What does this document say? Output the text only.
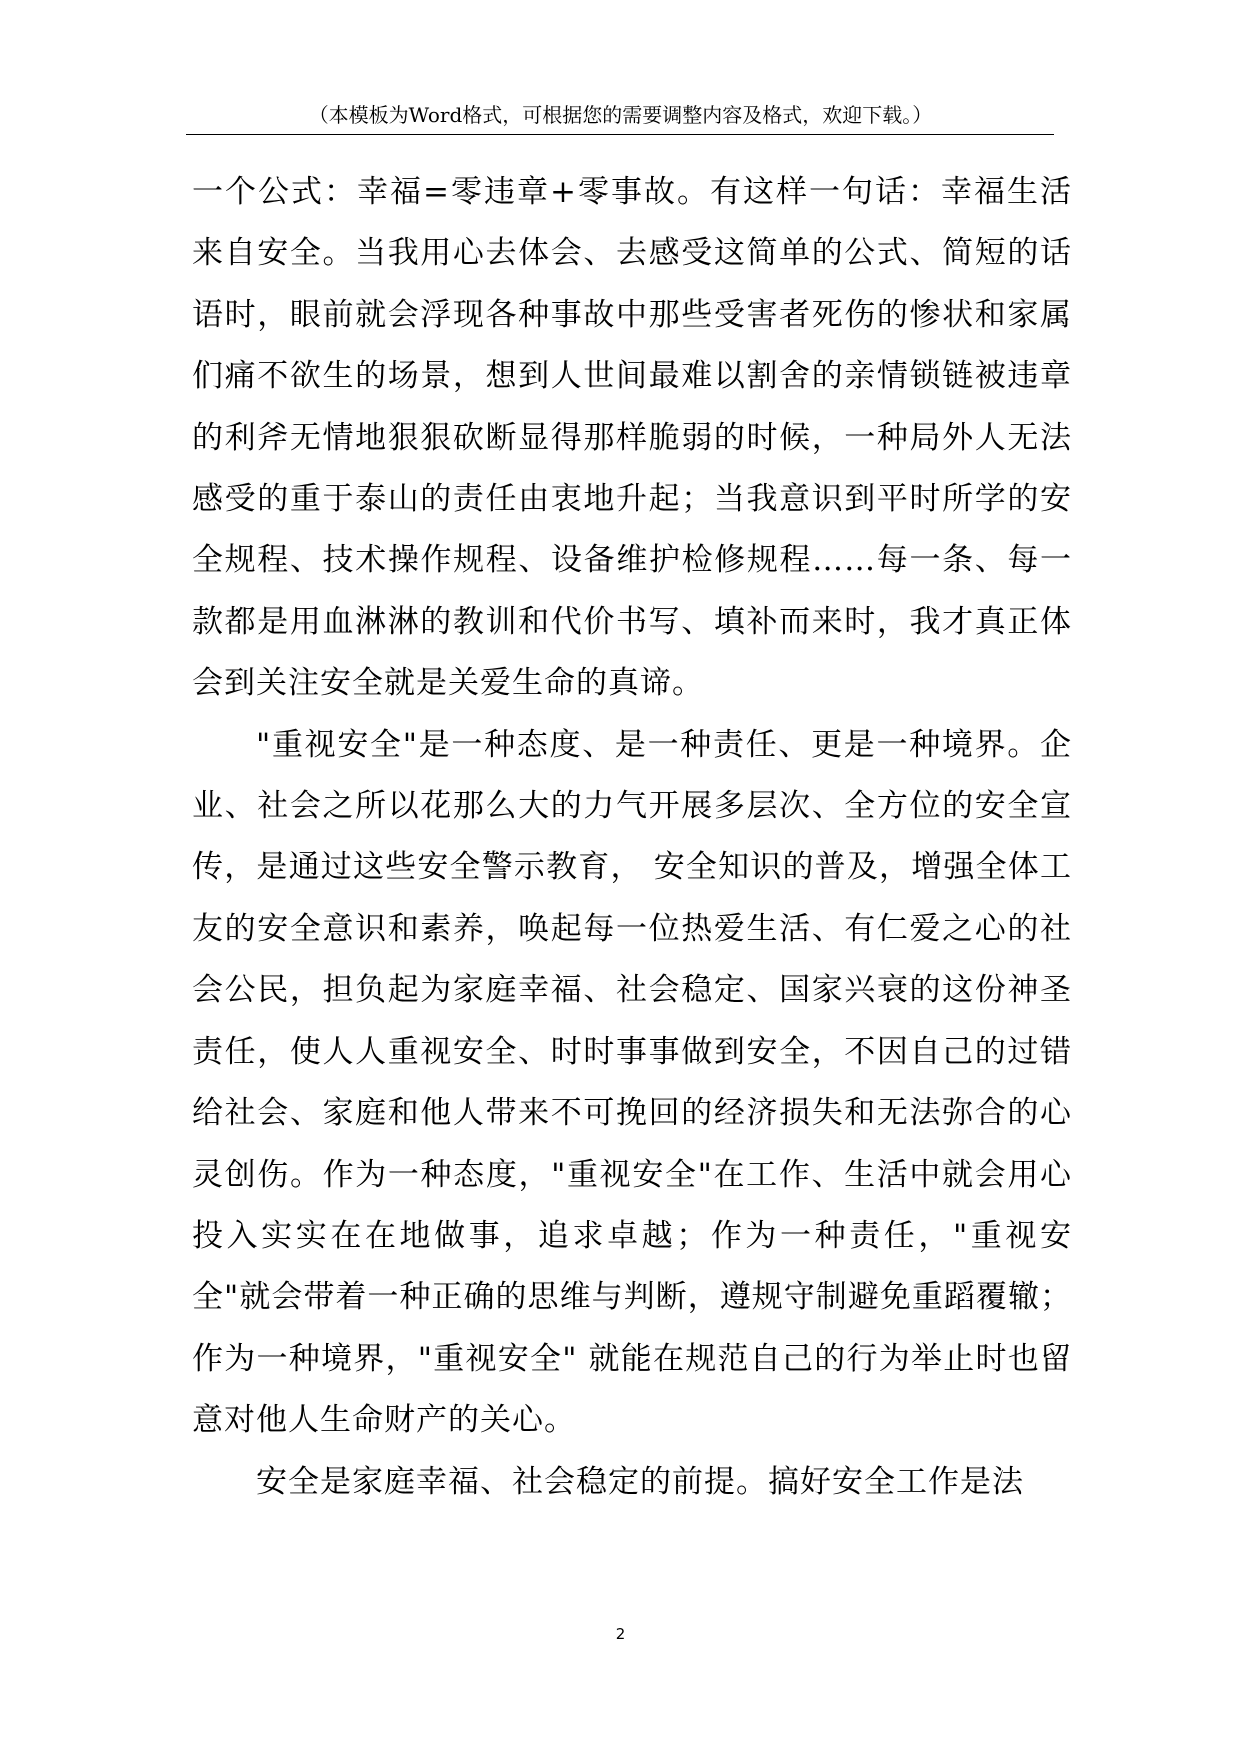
（本模板为Word格式，可根据您的需要调整内容及格式，欢迎下载。）

一个公式：幸福=零违章+零事故。有这样一句话：幸福生活来自安全。当我用心去体会、去感受这简单的公式、简短的话语时，眼前就会浮现各种事故中那些受害者死伤的惨状和家属们痛不欲生的场景，想到人世间最难以割舍的亲情锁链被违章的利斧无情地狠狠砍断显得那样脆弱的时候，一种局外人无法感受的重于泰山的责任由衷地升起；当我意识到平时所学的安全规程、技术操作规程、设备维护检修规程……每一条、每一款都是用血淋淋的教训和代价书写、填补而来时，我才真正体会到关注安全就是关爱生命的真谛。

"重视安全"是一种态度、是一种责任、更是一种境界。企业、社会之所以花那么大的力气开展多层次、全方位的安全宣传，是通过这些安全警示教育， 安全知识的普及，增强全体工友的安全意识和素养，唤起每一位热爱生活、有仁爱之心的社会公民，担负起为家庭幸福、社会稳定、国家兴衰的这份神圣责任，使人人重视安全、时时事事做到安全，不因自己的过错给社会、家庭和他人带来不可挽回的经济损失和无法弥合的心灵创伤。作为一种态度，"重视安全"在工作、生活中就会用心投入实实在在地做事，追求卓越；作为一种责任，"重视安全"就会带着一种正确的思维与判断，遵规守制避免重蹈覆辙；作为一种境界，"重视安全" 就能在规范自己的行为举止时也留意对他人生命财产的关心。

安全是家庭幸福、社会稳定的前提。搞好安全工作是法

2
